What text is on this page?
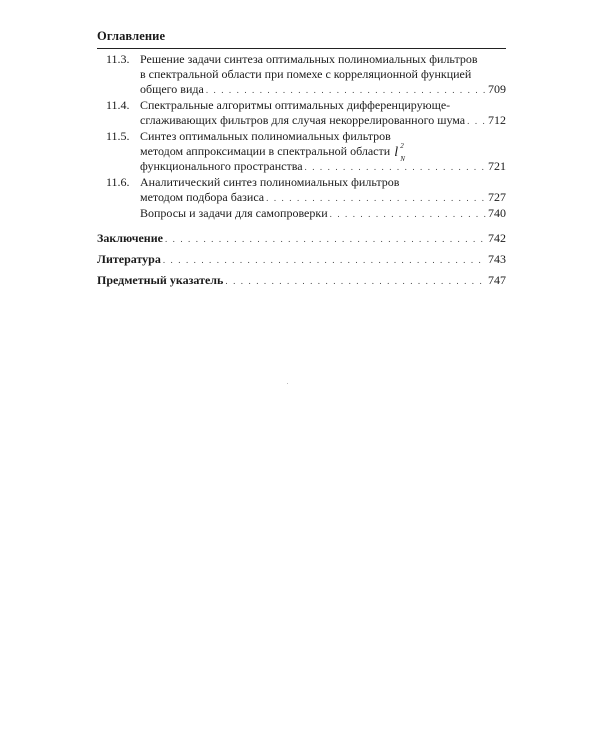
Оглавление
11.3. Решение задачи синтеза оптимальных полиномиальных фильтров
в спектральной области при помехе с корреляционной функцией
общего вида . . .	709
11.4. Спектральные алгоритмы оптимальных дифференцирующе-
сглаживающих фильтров для случая некоррелированного шума . . . 712
11.5. Синтез оптимальных полиномиальных фильтров
методом аппроксимации в спектральной области l 2
N
функционального пространства . . .	721
11.6. Аналитический синтез полиномиальных фильтров
методом подбора базиса . . .	727
Вопросы и задачи для самопроверки . . .	740
Заключение . . .	742
Литература . . .	743
Предметный указатель . . .	747
